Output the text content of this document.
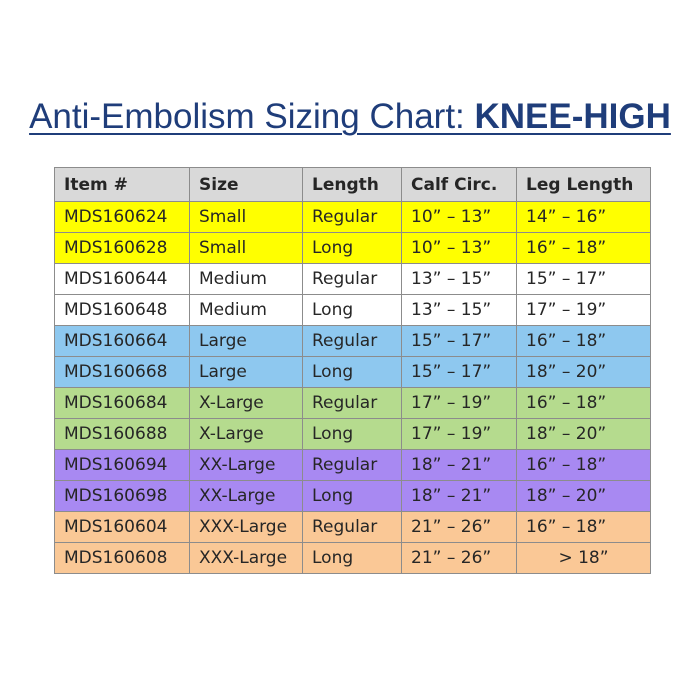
Anti-Embolism Sizing Chart: KNEE-HIGH
Item #	Size	Length	Calf Circ.	Leg Length
MDS160624	Small	Regular	10” – 13”	14” – 16”
MDS160628	Small	Long	10” – 13”	16” – 18”
MDS160644	Medium	Regular	13” – 15”	15” – 17”
MDS160648	Medium	Long	13” – 15”	17” – 19”
MDS160664	Large	Regular	15” – 17”	16” – 18”
MDS160668	Large	Long	15” – 17”	18” – 20”
MDS160684	X-Large	Regular	17” – 19”	16” – 18”
MDS160688	X-Large	Long	17” – 19”	18” – 20”
MDS160694	XX-Large	Regular	18” – 21”	16” – 18”
MDS160698	XX-Large	Long	18” – 21”	18” – 20”
MDS160604	XXX-Large	Regular	21” – 26”	16” – 18”
MDS160608	XXX-Large	Long	21” – 26”	> 18”
